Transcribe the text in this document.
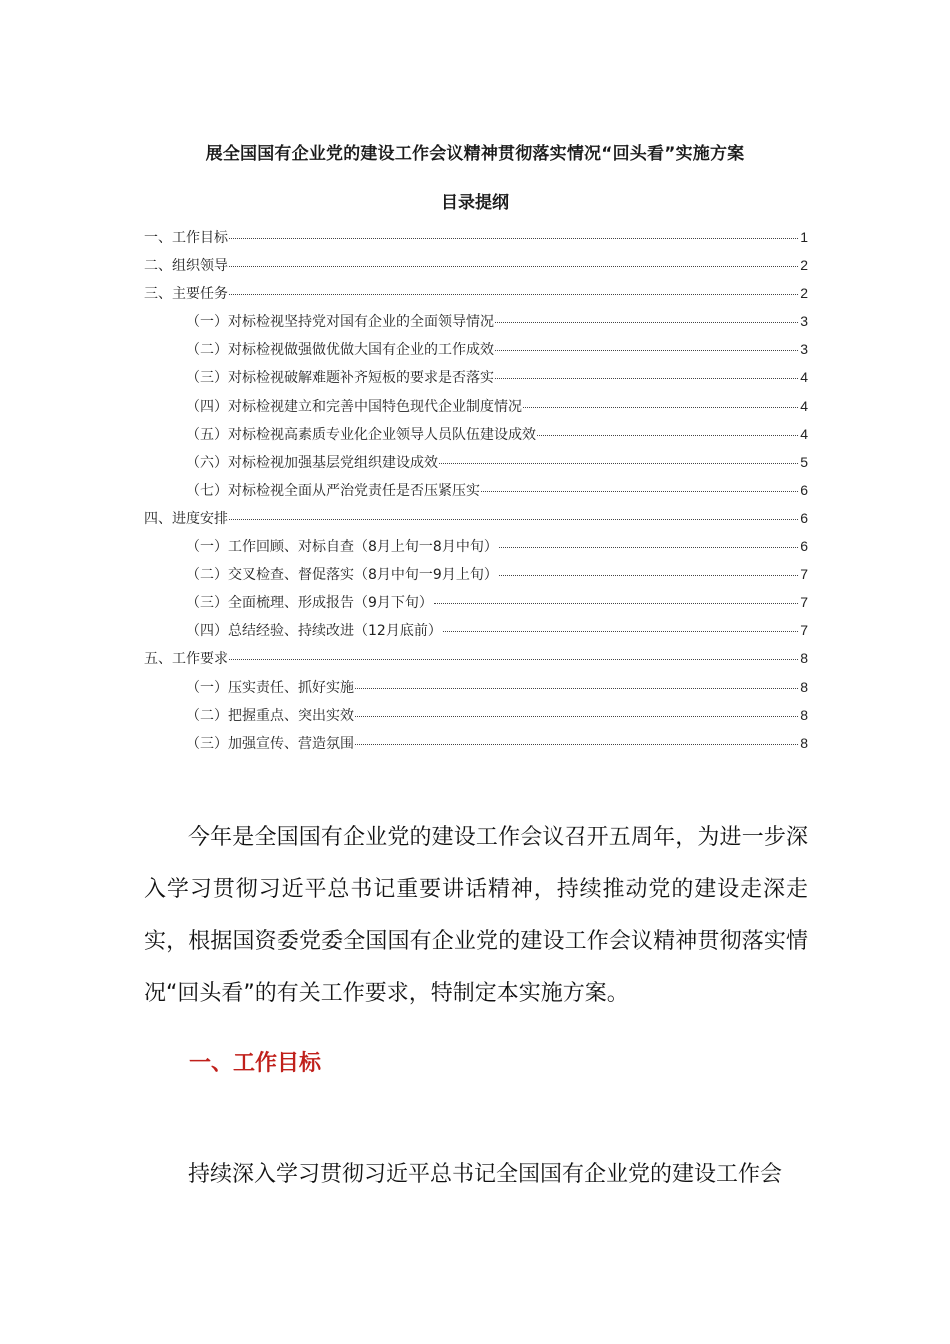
展全国国有企业党的建设工作会议精神贯彻落实情况“回头看”实施方案
目录提纲
一、工作目标	1
二、组织领导	2
三、主要任务	2
（一）对标检视坚持党对国有企业的全面领导情况	3
（二）对标检视做强做优做大国有企业的工作成效	3
（三）对标检视破解难题补齐短板的要求是否落实	4
（四）对标检视建立和完善中国特色现代企业制度情况	4
（五）对标检视高素质专业化企业领导人员队伍建设成效	4
（六）对标检视加强基层党组织建设成效	5
（七）对标检视全面从严治党责任是否压紧压实	6
四、进度安排	6
（一）工作回顾、对标自查（8月上旬一8月中旬）	6
（二）交叉检查、督促落实（8月中旬一9月上旬）	7
（三）全面梳理、形成报告（9月下旬）	7
（四）总结经验、持续改进（12月底前）	7
五、工作要求	8
（一）压实责任、抓好实施	8
（二）把握重点、突出实效	8
（三）加强宣传、营造氛围	8

今年是全国国有企业党的建设工作会议召开五周年，为进一步深入学习贯彻习近平总书记重要讲话精神，持续推动党的建设走深走实，根据国资委党委全国国有企业党的建设工作会议精神贯彻落实情况“回头看”的有关工作要求，特制定本实施方案。

一、工作目标

持续深入学习贯彻习近平总书记全国国有企业党的建设工作会
